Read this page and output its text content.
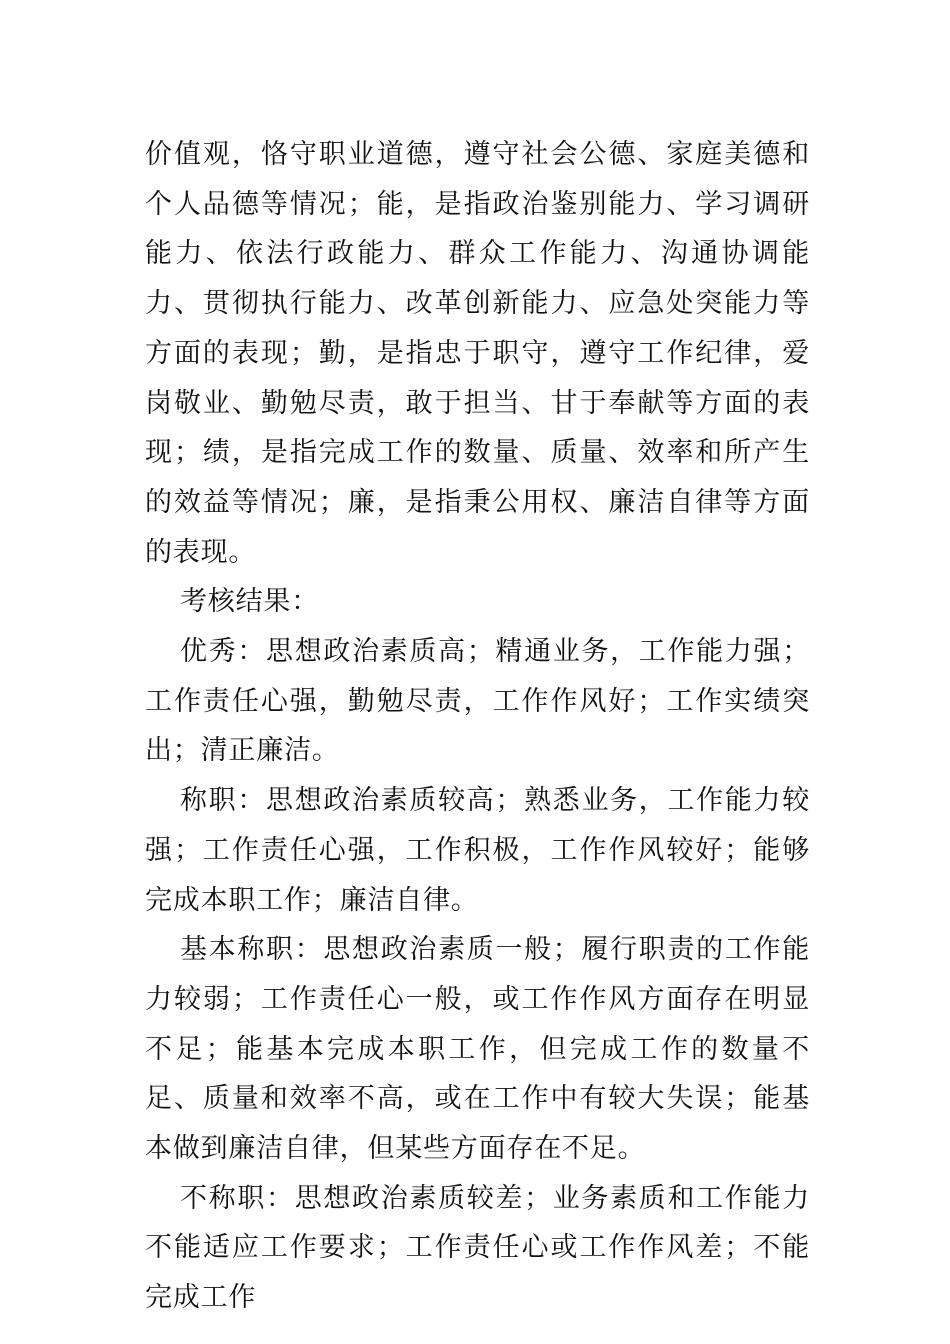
价值观，恪守职业道德，遵守社会公德、家庭美德和个人品德等情况；能，是指政治鉴别能力、学习调研能力、依法行政能力、群众工作能力、沟通协调能力、贯彻执行能力、改革创新能力、应急处突能力等方面的表现；勤，是指忠于职守，遵守工作纪律，爱岗敬业、勤勉尽责，敢于担当、甘于奉献等方面的表现；绩，是指完成工作的数量、质量、效率和所产生的效益等情况；廉，是指秉公用权、廉洁自律等方面的表现。

考核结果：

优秀：思想政治素质高；精通业务，工作能力强；工作责任心强，勤勉尽责，工作作风好；工作实绩突出；清正廉洁。

称职：思想政治素质较高；熟悉业务，工作能力较强；工作责任心强，工作积极，工作作风较好；能够完成本职工作；廉洁自律。

基本称职：思想政治素质一般；履行职责的工作能力较弱；工作责任心一般，或工作作风方面存在明显不足；能基本完成本职工作，但完成工作的数量不足、质量和效率不高，或在工作中有较大失误；能基本做到廉洁自律，但某些方面存在不足。

不称职：思想政治素质较差；业务素质和工作能力不能适应工作要求；工作责任心或工作作风差；不能完成工作
